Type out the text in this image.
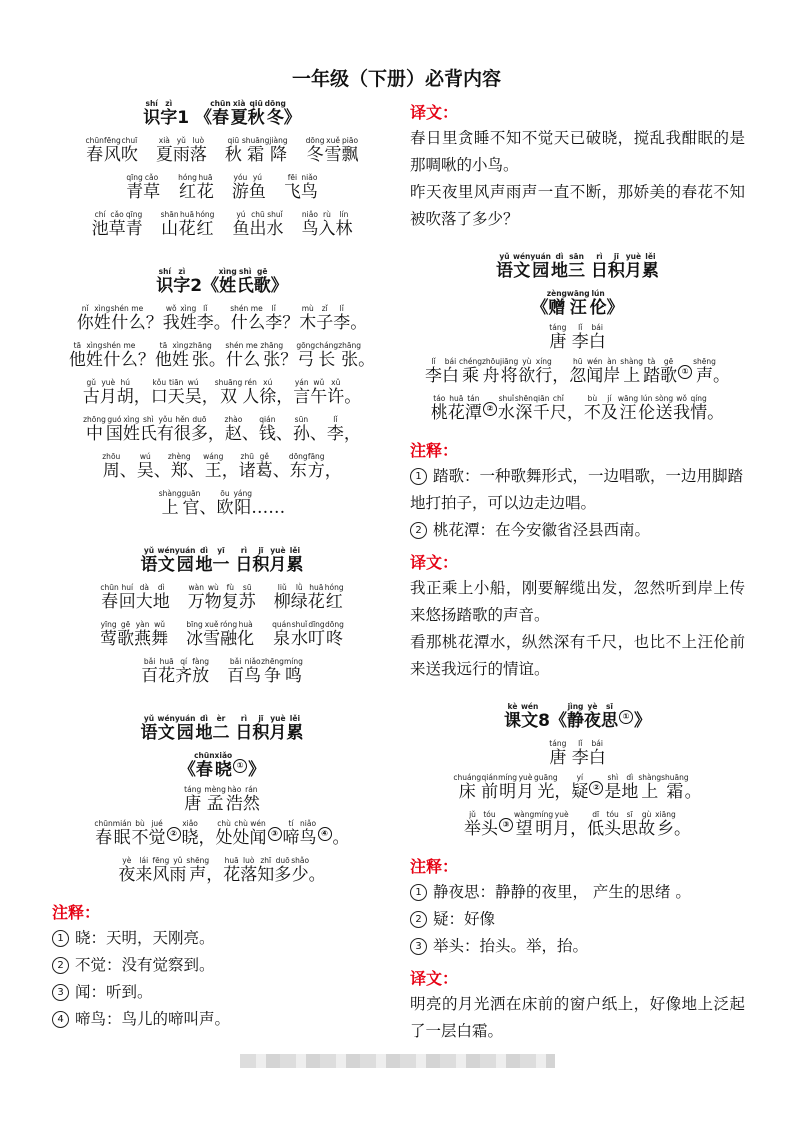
一年级（下册）必背内容
识shí字zì1 《春chūn夏xià秋qiū冬dōng》
春chūn风fēng吹chuī
夏xià雨yǔ落luò
秋qiū霜shuāng降jiàng
冬dōng雪xuě飘piāo
青qīng草cǎo
红hóng花huā
游yóu鱼yú
飞fēi鸟niǎo
池chí草cǎo青qīng
山shān花huā红hóng
鱼yú出chū水shuǐ
鸟niǎo入rù林lín
识shí字zì2《姓xìng氏shì歌gē》
你nǐ姓xìng什shén么me？我wǒ姓xìng李lǐ。什shén么me李lǐ？木mù子zǐ李lǐ。
他tā姓xìng什shén么me？他tā姓xìng张zhāng。什shén么me张zhāng？弓gōng长cháng张zhāng。
古gǔ月yuè胡hú，口kǒu天tiān吴wú，双shuāng人rén徐xú，言yán午wǔ许xǔ。
中zhōng国guó姓xìng氏shì有yǒu很hěn多duō，赵zhào、钱qián、孙sūn、李lǐ，
周zhōu、吴wú、郑zhèng、王wáng，诸zhū葛gě、东dōng方fāng，
上shàng官guān、欧ōu阳yáng……
语yǔ文wén园yuán地dì一yī 日rì积jī月yuè累lěi
春chūn回huí大dà地dì
万wàn物wù复fù苏sū
柳liǔ绿lǜ花huā红hóng
莺yīng歌gē燕yàn舞wǔ
冰bīng雪xuě融róng化huà
泉quán水shuǐ叮dīng咚dōng
百bǎi花huā齐qí放fàng
百bǎi鸟niǎo争zhēng鸣míng
语yǔ文wén园yuán地dì二èr 日rì积jī月yuè累lěi
《春chūn晓xiǎo① 》
唐táng 孟mèng浩hào然rán
春chūn眠mián不bù觉jué② 晓xiǎo，处chù处chù闻wén③ 啼tí鸟niǎo④ 。
夜yè来lái风fēng雨yǔ声shēng，花huā落luò知zhī多duō少shǎo。
注释：

1 晓：天明，天刚亮。

2 不觉：没有觉察到。

3 闻：听到。

4 啼鸟：鸟儿的啼叫声。

译文：

春日里贪睡不知不觉天已破晓，搅乱我酣眠的是那啁啾的小鸟。

昨天夜里风声雨声一直不断，那娇美的春花不知被吹落了多少？

语yǔ文wén园yuán地dì三sān 日rì积jī月yuè累lěi
《赠zèng汪wāng伦lún》
唐táng 李lǐ白bái
李lǐ白bái乘chéng舟zhōu将jiāng欲yù行xíng，忽hū闻wén岸àn上shàng踏tà歌gē① 声shēng。
桃táo花huā潭tán② 水shuǐ深shēn千qiān尺chǐ，不bù及jí汪wāng伦lún送sòng我wǒ情qíng。
注释：

1 踏歌：一种歌舞形式，一边唱歌，一边用脚踏地打拍子，可以边走边唱。

2 桃花潭：在今安徽省泾县西南。

译文：

我正乘上小船，刚要解缆出发，忽然听到岸上传来悠扬踏歌的声音。

看那桃花潭水，纵然深有千尺，也比不上汪伦前来送我远行的情谊。

课kè文wén8《静jìng夜yè思sī① 》
唐táng 李lǐ白bái
床chuáng前qián明míng月yuè光guāng，疑yí② 是shì地dì上shàng霜shuāng。
举jǔ头tóu③ 望wàng明míng月yuè，低dī头tóu思sī故gù乡xiāng。
注释：

1 静夜思：静静的夜里， 产生的思绪 。

2 疑：好像

3 举头：抬头。举，抬。

译文：

明亮的月光洒在床前的窗户纸上，好像地上泛起了一层白霜。
